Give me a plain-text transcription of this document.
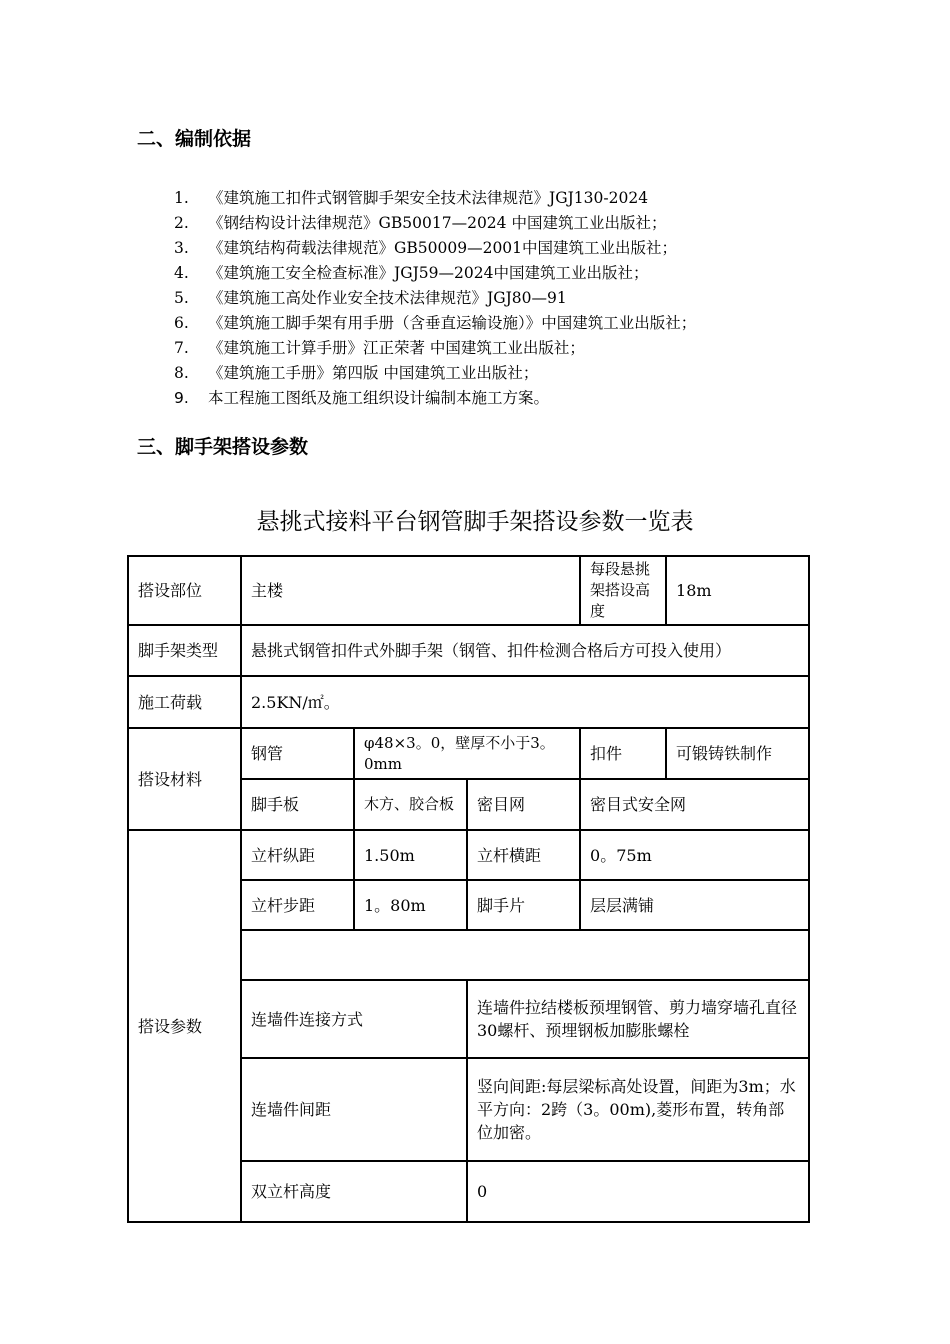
二、编制依据
1. 《建筑施工扣件式钢管脚手架安全技术法律规范》JGJ130-2024
2. 《钢结构设计法律规范》GB50017—2024 中国建筑工业出版社；
3. 《建筑结构荷载法律规范》GB50009—2001中国建筑工业出版社；
4. 《建筑施工安全检查标准》JGJ59—2024中国建筑工业出版社；
5. 《建筑施工高处作业安全技术法律规范》JGJ80—91
6. 《建筑施工脚手架有用手册（含垂直运输设施）》中国建筑工业出版社；
7. 《建筑施工计算手册》江正荣著 中国建筑工业出版社；
8. 《建筑施工手册》第四版 中国建筑工业出版社；
9. 本工程施工图纸及施工组织设计编制本施工方案。
三、脚手架搭设参数
悬挑式接料平台钢管脚手架搭设参数一览表
搭设部位	主楼			每段悬挑架搭设高度	18m
脚手架类型	悬挑式钢管扣件式外脚手架（钢管、扣件检测合格后方可投入使用）				
施工荷载	2.5KN/㎡。				
搭设材料	钢管	φ48×3。0，壁厚不小于3。0mm		扣件	可锻铸铁制作
	脚手板	木方、胶合板	密目网	密目式安全网	
搭设参数	立杆纵距	1.50m	立杆横距	0。75m	
	立杆步距	1。80m	脚手片	层层满铺	

	连墙件连接方式		连墙件拉结楼板预埋钢管、剪力墙穿墙孔直径30螺杆、预埋钢板加膨胀螺栓		
	连墙件间距		竖向间距:每层梁标高处设置，间距为3m；水平方向：2跨（3。00m),菱形布置，转角部位加密。		
	双立杆高度		0		
